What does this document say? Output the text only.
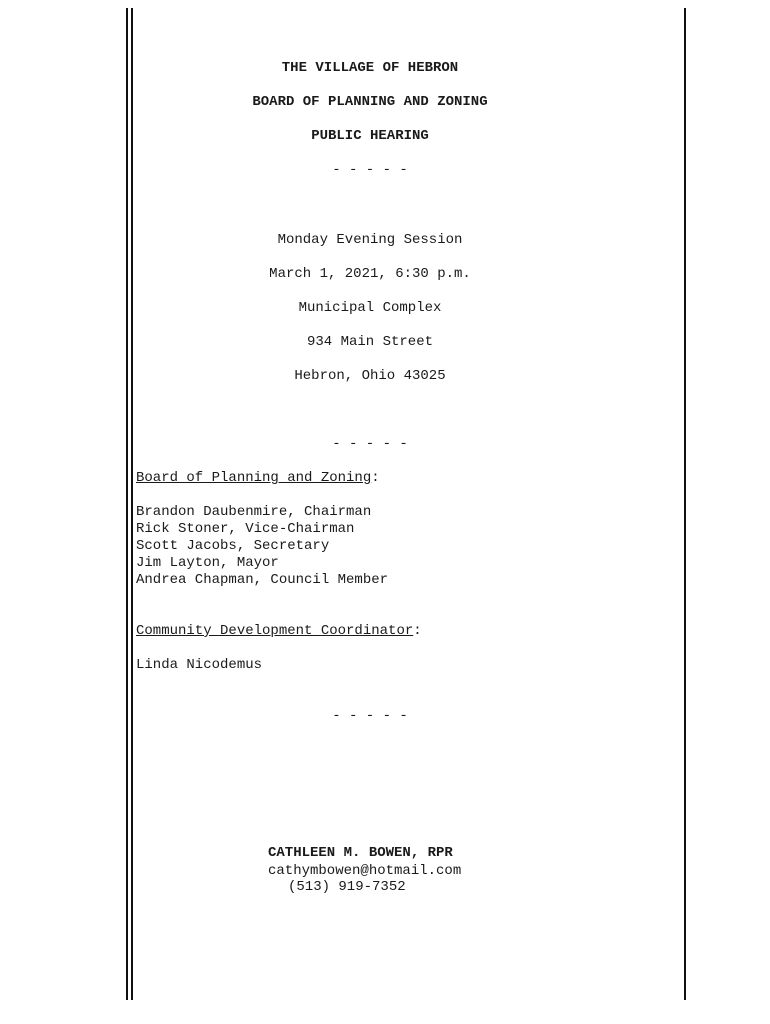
THE VILLAGE OF HEBRON
BOARD OF PLANNING AND ZONING
PUBLIC HEARING
- - - - -
Monday Evening Session
March 1, 2021, 6:30 p.m.
Municipal Complex
934 Main Street
Hebron, Ohio 43025
- - - - -
Board of Planning and Zoning:
Brandon Daubenmire, Chairman
Rick Stoner, Vice-Chairman
Scott Jacobs, Secretary
Jim Layton, Mayor
Andrea Chapman, Council Member
Community Development Coordinator:
Linda Nicodemus
- - - - -
CATHLEEN M. BOWEN, RPR
cathymbowen@hotmail.com
(513) 919-7352
